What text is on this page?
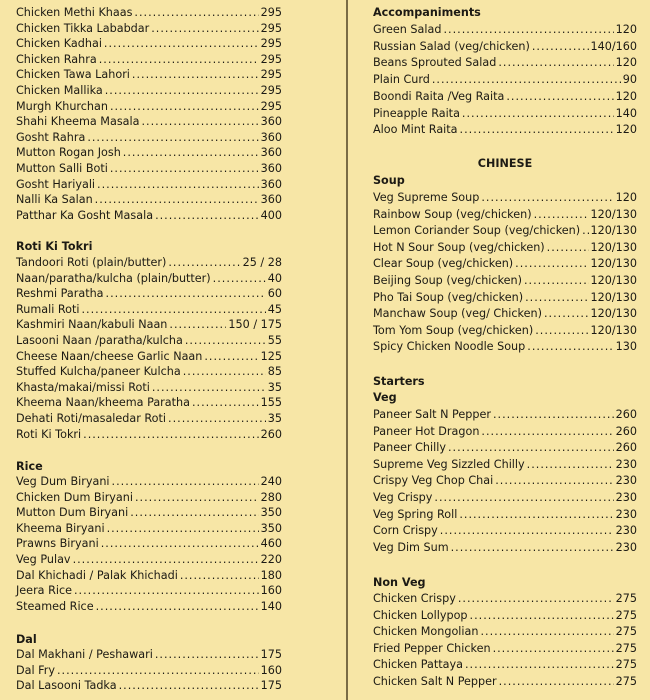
Chicken Methi Khaas .....	295
Chicken Tikka Lababdar .....	295
Chicken Kadhai .....	295
Chicken Rahra .....	295
Chicken Tawa Lahori .....	295
Chicken Mallika .....	295
Murgh Khurchan .....	295
Shahi Kheema Masala .....	360
Gosht Rahra .....	360
Mutton Rogan Josh .....	360
Mutton Salli Boti .....	360
Gosht Hariyali .....	360
Nalli Ka Salan .....	360
Patthar Ka Gosht Masala .....	400
Roti Ki Tokri
Tandoori Roti (plain/butter) .....	25 / 28
Naan/paratha/kulcha (plain/butter) .....	40
Reshmi Paratha .....	60
Rumali Roti .....	45
Kashmiri Naan/kabuli Naan .....	150 / 175
Lasooni Naan /paratha/kulcha .....	55
Cheese Naan/cheese Garlic Naan .....	125
Stuffed Kulcha/paneer Kulcha .....	85
Khasta/makai/missi Roti .....	35
Kheema Naan/kheema Paratha .....	155
Dehati Roti/masaledar Roti .....	35
Roti Ki Tokri .....	260
Rice
Veg Dum Biryani .....	240
Chicken Dum Biryani .....	280
Mutton Dum Biryani .....	350
Kheema Biryani .....	350
Prawns Biryani .....	460
Veg Pulav .....	220
Dal Khichadi / Palak Khichadi .....	180
Jeera Rice .....	160
Steamed Rice .....	140
Dal
Dal Makhani / Peshawari .....	175
Dal Fry .....	160
Dal Lasooni Tadka .....	175
Accompaniments
Green Salad .....	120
Russian Salad (veg/chicken) .....	140/160
Beans Sprouted Salad .....	120
Plain Curd .....	90
Boondi Raita /Veg Raita .....	120
Pineapple Raita .....	140
Aloo Mint Raita .....	120
CHINESE
Soup
Veg Supreme Soup .....	120
Rainbow Soup (veg/chicken) .....	120/130
Lemon Coriander Soup (veg/chicken) ..... 120/130
Hot N Sour Soup (veg/chicken) .....	120/130
Clear Soup (veg/chicken) .....	120/130
Beijing Soup (veg/chicken) .....	120/130
Pho Tai Soup (veg/chicken) .....	120/130
Manchaw Soup (veg/ Chicken) .....	120/130
Tom Yom Soup (veg/chicken) .....	120/130
Spicy Chicken Noodle Soup .....	130
Starters
Veg
Paneer Salt N Pepper .....	260
Paneer Hot Dragon .....	260
Paneer Chilly .....	260
Supreme Veg Sizzled Chilly .....	230
Crispy Veg Chop Chai .....	230
Veg Crispy .....	230
Veg Spring Roll .....	230
Corn Crispy .....	230
Veg Dim Sum .....	230
Non Veg
Chicken Crispy .....	275
Chicken Lollypop .....	275
Chicken Mongolian .....	275
Fried Pepper Chicken .....	275
Chicken Pattaya .....	275
Chicken Salt N Pepper .....	275
